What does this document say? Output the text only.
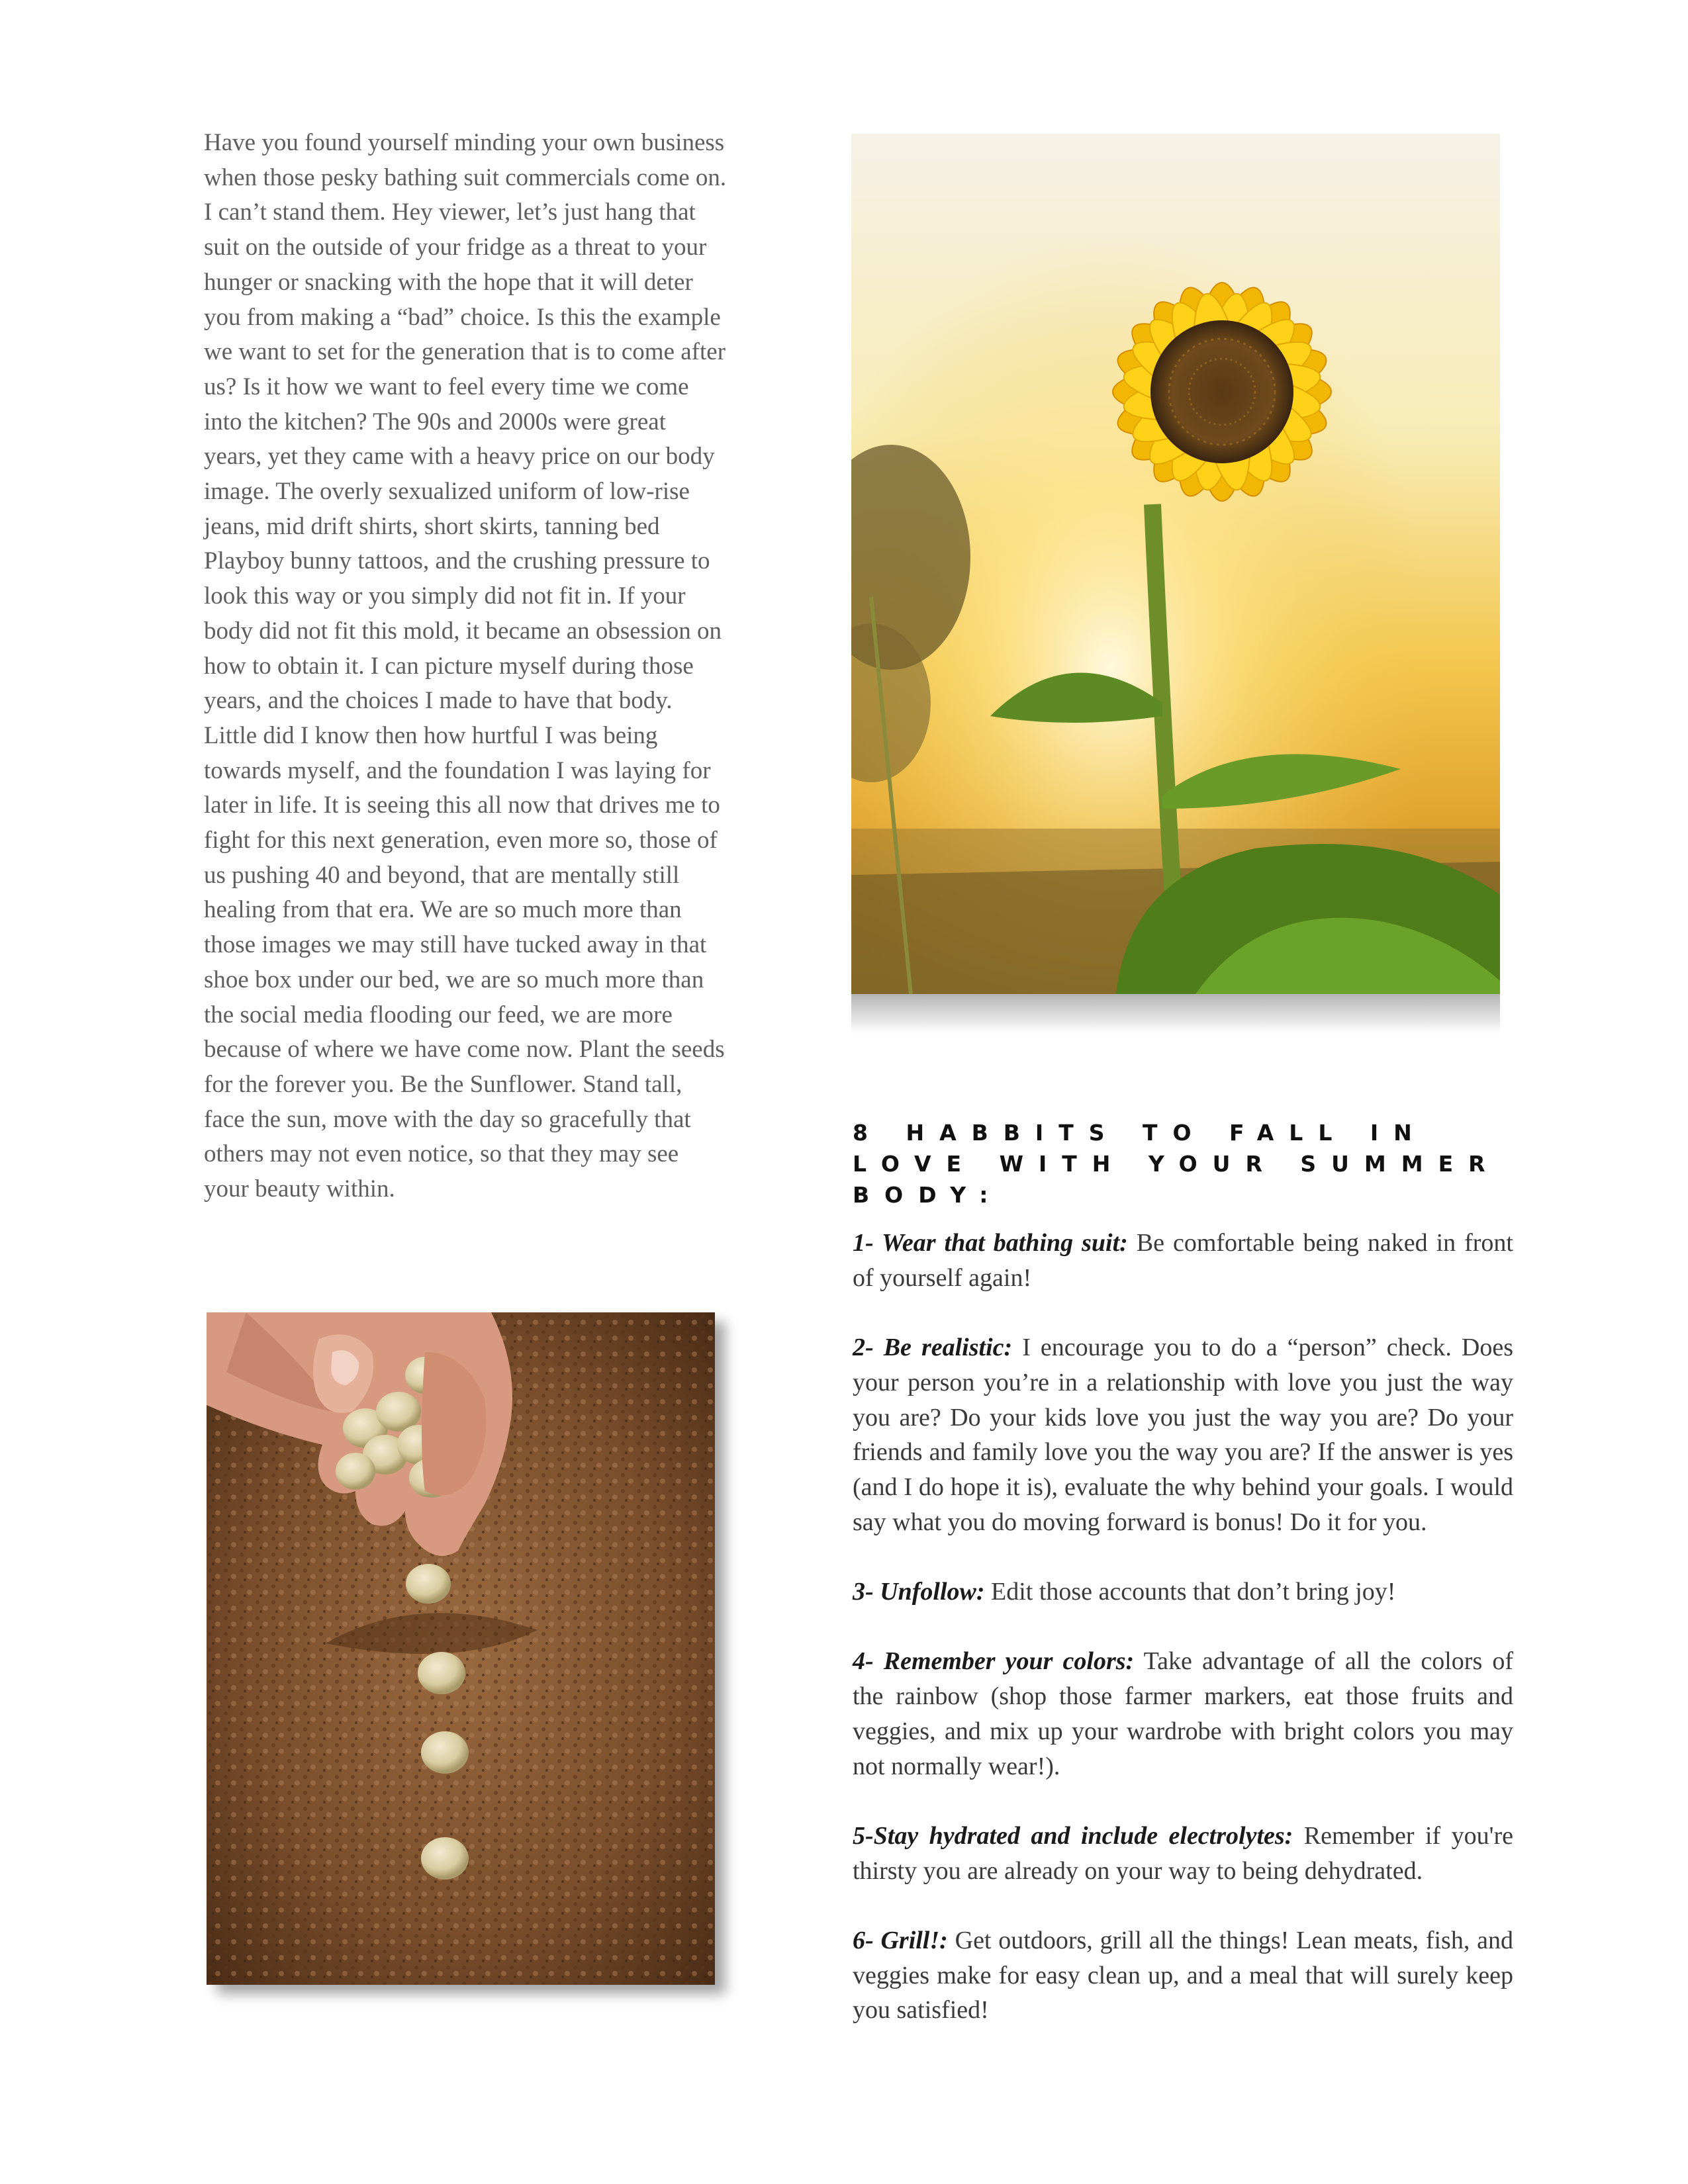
Have you found yourself minding your own business when those pesky bathing suit commercials come on. I can’t stand them. Hey viewer, let’s just hang that suit on the outside of your fridge as a threat to your hunger or snacking with the hope that it will deter you from making a “bad” choice. Is this the example we want to set for the generation that is to come after us? Is it how we want to feel every time we come into the kitchen? The 90s and 2000s were great years, yet they came with a heavy price on our body image. The overly sexualized uniform of low-rise jeans, mid drift shirts, short skirts, tanning bed Playboy bunny tattoos, and the crushing pressure to look this way or you simply did not fit in. If your body did not fit this mold, it became an obsession on how to obtain it. I can picture myself during those years, and the choices I made to have that body. Little did I know then how hurtful I was being towards myself, and the foundation I was laying for later in life. It is seeing this all now that drives me to fight for this next generation, even more so, those of us pushing 40 and beyond, that are mentally still healing from that era. We are so much more than those images we may still have tucked away in that shoe box under our bed, we are so much more than the social media flooding our feed, we are more because of where we have come now. Plant the seeds for the forever you. Be the Sunflower. Stand tall, face the sun, move with the day so gracefully that others may not even notice, so that they may see your beauty within.

8 HABBITS TO FALL IN LOVE WITH YOUR SUMMER BODY:
1- Wear that bathing suit: Be comfortable being naked in front of yourself again!
2- Be realistic: I encourage you to do a “person” check. Does your person you’re in a relationship with love you just the way you are? Do your kids love you just the way you are? Do your friends and family love you the way you are? If the answer is yes (and I do hope it is), evaluate the why behind your goals. I would say what you do moving forward is bonus! Do it for you.
3- Unfollow: Edit those accounts that don’t bring joy!
4- Remember your colors: Take advantage of all the colors of the rainbow (shop those farmer markers, eat those fruits and veggies, and mix up your wardrobe with bright colors you may not normally wear!).
5-Stay hydrated and include electrolytes: Remember if you're thirsty you are already on your way to being dehydrated.
6- Grill!: Get outdoors, grill all the things! Lean meats, fish, and veggies make for easy clean up, and a meal that will surely keep you satisfied!
